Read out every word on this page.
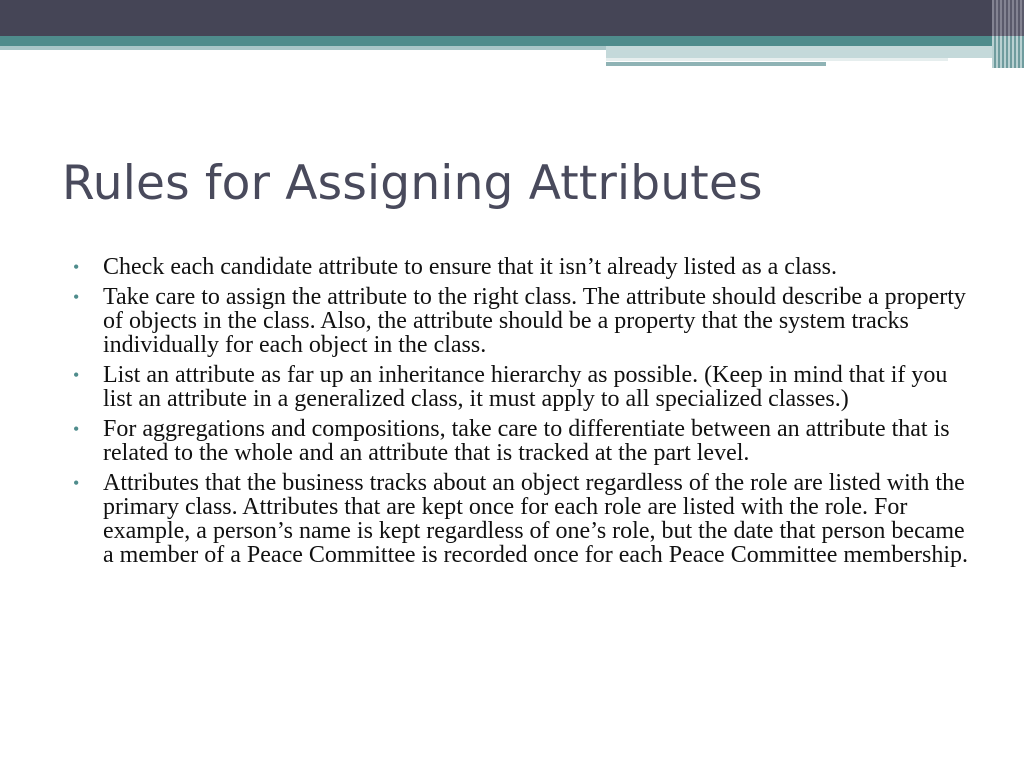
Rules for Assigning Attributes
• Check each candidate attribute to ensure that it isn’t already listed as a class.
• Take care to assign the attribute to the right class. The attribute should describe a property of objects in the class. Also, the attribute should be a property that the system tracks individually for each object in the class.
• List an attribute as far up an inheritance hierarchy as possible. (Keep in mind that if you list an attribute in a generalized class, it must apply to all specialized classes.)
• For aggregations and compositions, take care to differentiate between an attribute that is related to the whole and an attribute that is tracked at the part level.
• Attributes that the business tracks about an object regardless of the role are listed with the primary class. Attributes that are kept once for each role are listed with the role. For example, a person’s name is kept regardless of one’s role, but the date that person became a member of a Peace Committee is recorded once for each Peace Committee membership.
